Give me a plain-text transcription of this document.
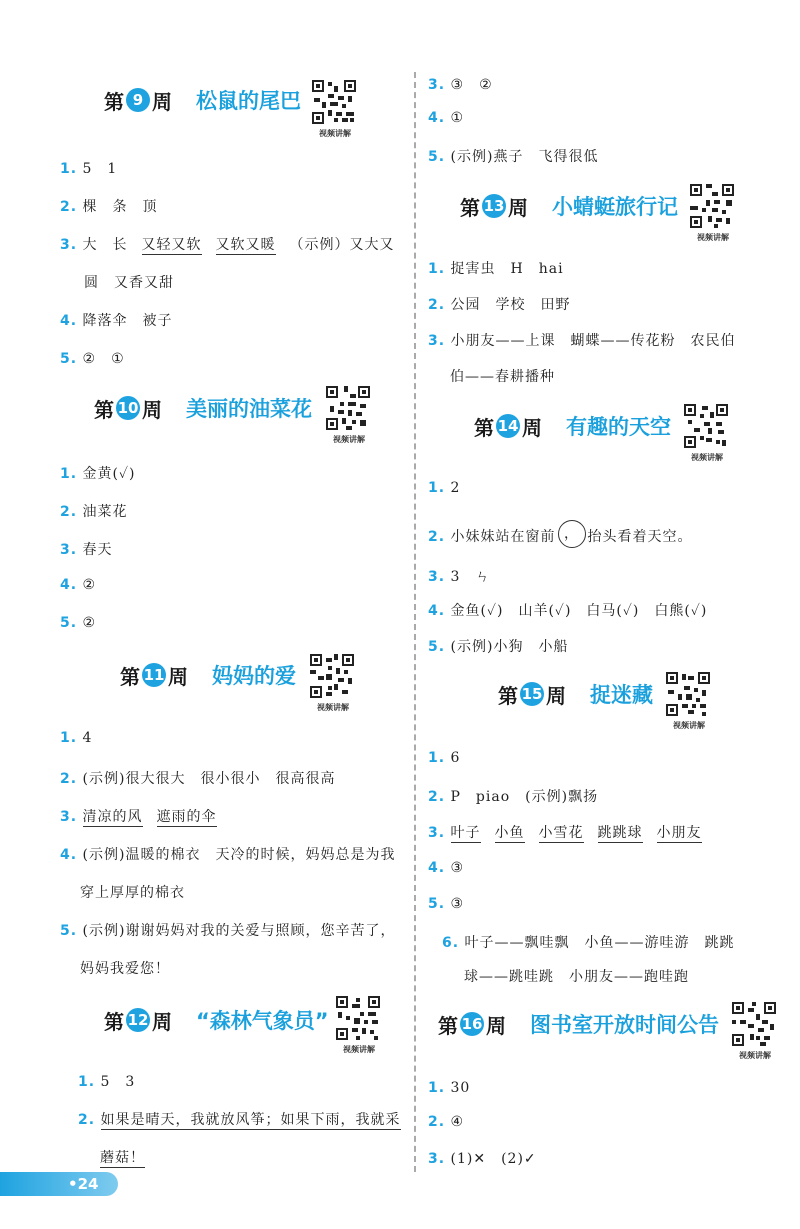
第 9 周 松鼠的尾巴
视频讲解
1. 5　1
2. 棵　条　顶
3. 大　长 又轻又软 又软又暖 （示例）又大又
圆　又香又甜
4. 降落伞　被子
5. ②　①
第 10 周 美丽的油菜花
视频讲解
1. 金黄(✓)
2. 油菜花
3. 春天
4. ②
5. ②
第 11 周 妈妈的爱
视频讲解
1. 4
2. (示例)很大很大　很小很小　很高很高
3. 清凉的风 遮雨的伞
4. (示例)温暖的棉衣　天冷的时候，妈妈总是为我
穿上厚厚的棉衣
5. (示例)谢谢妈妈对我的关爱与照顾，您辛苦了，
妈妈我爱您！
第 12 周 “森林气象员”
视频讲解
1. 5　3
2. 如果是晴天，我就放风筝；如果下雨，我就采
蘑菇！
3. ③　②
4. ①
5. (示例)燕子　飞得很低
第 13 周 小蜻蜓旅行记
视频讲解
1. 捉害虫　H　hai
2. 公园　学校　田野
3. 小朋友——上课　蝴蝶——传花粉　农民伯
伯——春耕播种
第 14 周 有趣的天空
视频讲解
1. 2
2. 小妹妹站在窗前 ， 抬头看着天空。
3. 3　ㄣ
4. 金鱼(✓)　山羊(✓)　白马(✓)　白熊(✓)
5. (示例)小狗　小船
第 15 周 捉迷藏
视频讲解
1. 6
2. P　piao　(示例)飘扬
3. 叶子 小鱼 小雪花 跳跳球 小朋友
4. ③
5. ③
6. 叶子——飘哇飘　小鱼——游哇游　跳跳
球——跳哇跳　小朋友——跑哇跑
第 16 周 图书室开放时间公告
视频讲解
1. 30
2. ④
3. (1)✕　(2)✓
•24
